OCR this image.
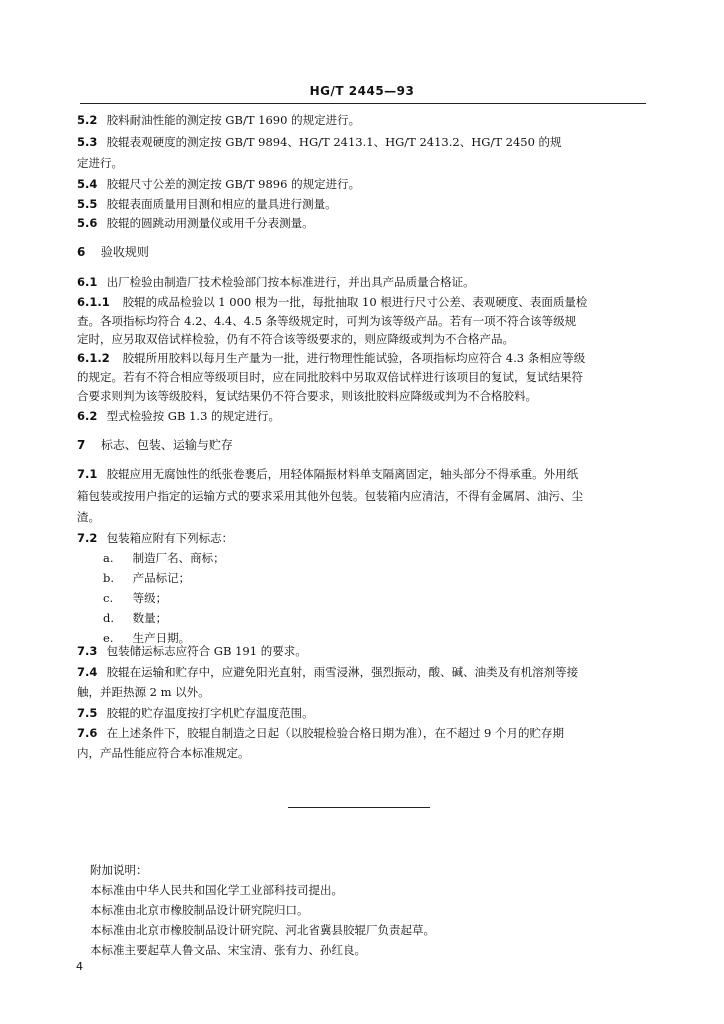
HG/T 2445—93
5.2 胶料耐油性能的测定按 GB/T 1690 的规定进行。
5.3 胶辊表观硬度的测定按 GB/T 9894、HG/T 2413.1、HG/T 2413.2、HG/T 2450 的规
定进行。
5.4 胶辊尺寸公差的测定按 GB/T 9896 的规定进行。
5.5 胶辊表面质量用目测和相应的量具进行测量。
5.6 胶辊的圆跳动用测量仪或用千分表测量。
6 验收规则
6.1 出厂检验由制造厂技术检验部门按本标准进行，并出具产品质量合格证。
6.1.1 胶辊的成品检验以 1 000 根为一批，每批抽取 10 根进行尺寸公差、表观硬度、表面质量检
查。各项指标均符合 4.2、4.4、4.5 条等级规定时，可判为该等级产品。若有一项不符合该等级规
定时，应另取双倍试样检验，仍有不符合该等级要求的，则应降级或判为不合格产品。
6.1.2 胶辊所用胶料以每月生产量为一批，进行物理性能试验，各项指标均应符合 4.3 条相应等级
的规定。若有不符合相应等级项目时，应在同批胶料中另取双倍试样进行该项目的复试，复试结果符
合要求则判为该等级胶料，复试结果仍不符合要求，则该批胶料应降级或判为不合格胶料。
6.2 型式检验按 GB 1.3 的规定进行。
7 标志、包装、运输与贮存
7.1 胶辊应用无腐蚀性的纸张卷裹后，用轻体隔振材料单支隔离固定，轴头部分不得承重。外用纸
箱包装或按用户指定的运输方式的要求采用其他外包装。包装箱内应清洁，不得有金属屑、油污、尘
渣。
7.2 包装箱应附有下列标志：
a. 制造厂名、商标；
b. 产品标记；
c. 等级；
d. 数量；
e. 生产日期。
7.3 包装储运标志应符合 GB 191 的要求。
7.4 胶辊在运输和贮存中，应避免阳光直射，雨雪浸淋，强烈振动，酸、碱、油类及有机溶剂等接
触，并距热源 2 m 以外。
7.5 胶辊的贮存温度按打字机贮存温度范围。
7.6 在上述条件下，胶辊自制造之日起（以胶辊检验合格日期为准），在不超过 9 个月的贮存期
内，产品性能应符合本标准规定。
附加说明：
本标准由中华人民共和国化学工业部科技司提出。
本标准由北京市橡胶制品设计研究院归口。
本标准由北京市橡胶制品设计研究院、河北省冀县胶辊厂负责起草。
本标准主要起草人鲁文品、宋宝清、张有力、孙红良。
4
